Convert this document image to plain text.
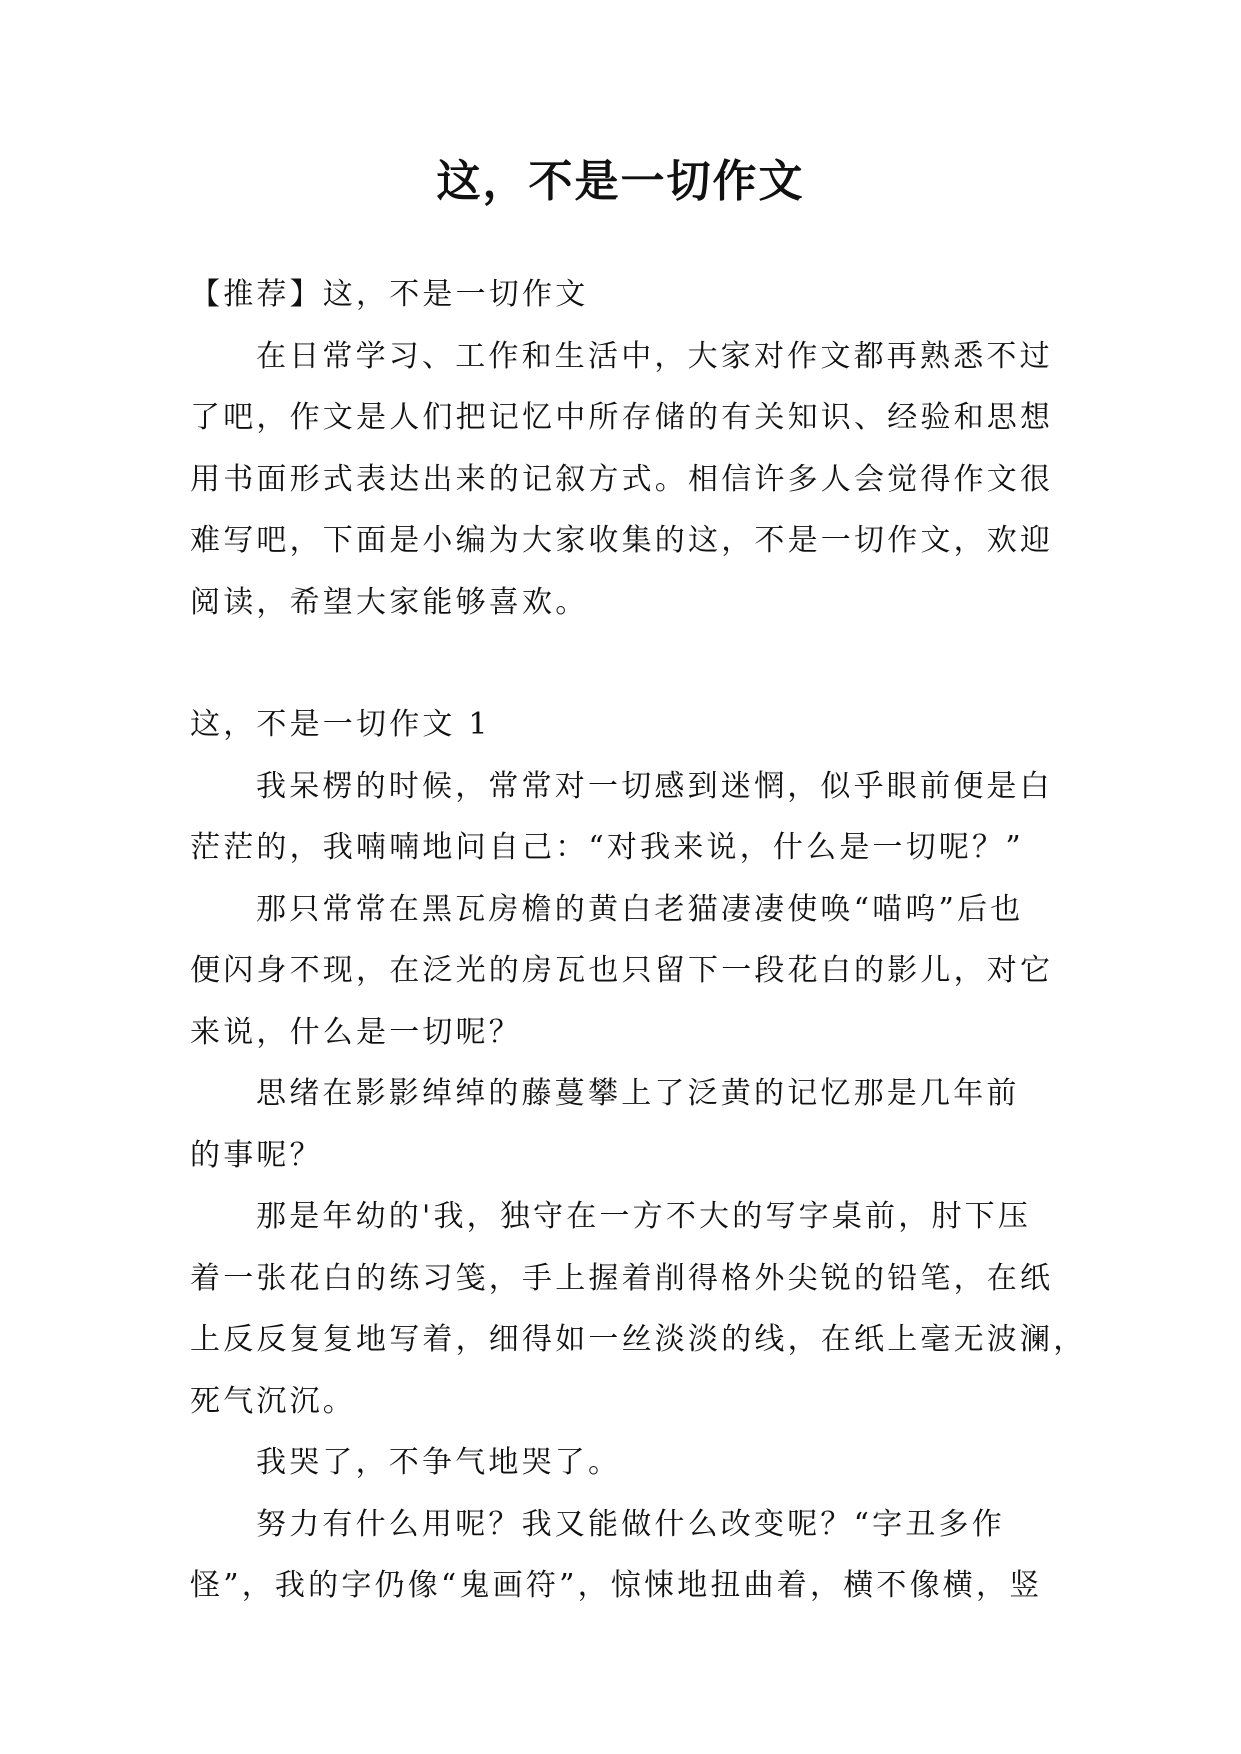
这，不是一切作文

【推荐】这，不是一切作文

在日常学习、工作和生活中，大家对作文都再熟悉不过

了吧，作文是人们把记忆中所存储的有关知识、经验和思想

用书面形式表达出来的记叙方式。相信许多人会觉得作文很

难写吧，下面是小编为大家收集的这，不是一切作文，欢迎

阅读，希望大家能够喜欢。

这，不是一切作文 1

我呆楞的时候，常常对一切感到迷惘，似乎眼前便是白

茫茫的，我喃喃地问自己：“对我来说，什么是一切呢？”

那只常常在黑瓦房檐的黄白老猫凄凄使唤“喵呜”后也

便闪身不现，在泛光的房瓦也只留下一段花白的影儿，对它

来说，什么是一切呢？

思绪在影影绰绰的藤蔓攀上了泛黄的记忆那是几年前

的事呢？

那是年幼的'我，独守在一方不大的写字桌前，肘下压

着一张花白的练习笺，手上握着削得格外尖锐的铅笔，在纸

上反反复复地写着，细得如一丝淡淡的线，在纸上毫无波澜，

死气沉沉。

我哭了，不争气地哭了。

努力有什么用呢？我又能做什么改变呢？“字丑多作

怪”，我的字仍像“鬼画符”，惊悚地扭曲着，横不像横，竖
